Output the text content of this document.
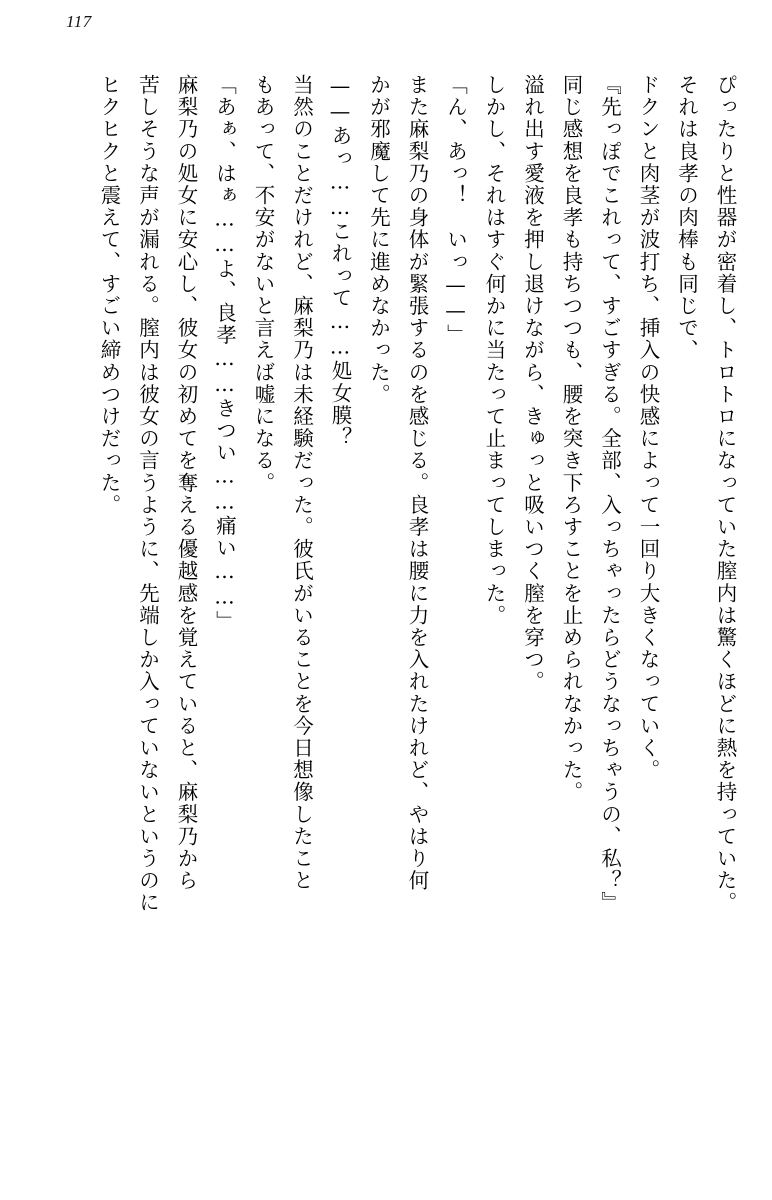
117

ぴったりと性器が密着し、トロトロになっていた膣内は驚くほどに熱を持っていた。

それは良孝の肉棒も同じで、

ドクンと肉茎が波打ち、挿入の快感によって一回り大きくなっていく。

『先っぽでこれって、すごすぎる。全部、入っちゃったらどうなっちゃうの、私？』

同じ感想を良孝も持ちつつも、腰を突き下ろすことを止められなかった。

溢れ出す愛液を押し退けながら、きゅっと吸いつく膣を穿つ。

しかし、それはすぐ何かに当たって止まってしまった。

「ん、あっ！　いっ——」

また麻梨乃の身体が緊張するのを感じる。良孝は腰に力を入れたけれど、やはり何

かが邪魔して先に進めなかった。

——あっ……これって……処女膜？

当然のことだけれど、麻梨乃は未経験だった。彼氏がいることを今日想像したこと

もあって、不安がないと言えば嘘になる。

「あぁ、はぁ……よ、良孝……きつい……痛い……」

麻梨乃の処女に安心し、彼女の初めてを奪える優越感を覚えていると、麻梨乃から

苦しそうな声が漏れる。膣内は彼女の言うように、先端しか入っていないというのに

ヒクヒクと震えて、すごい締めつけだった。
